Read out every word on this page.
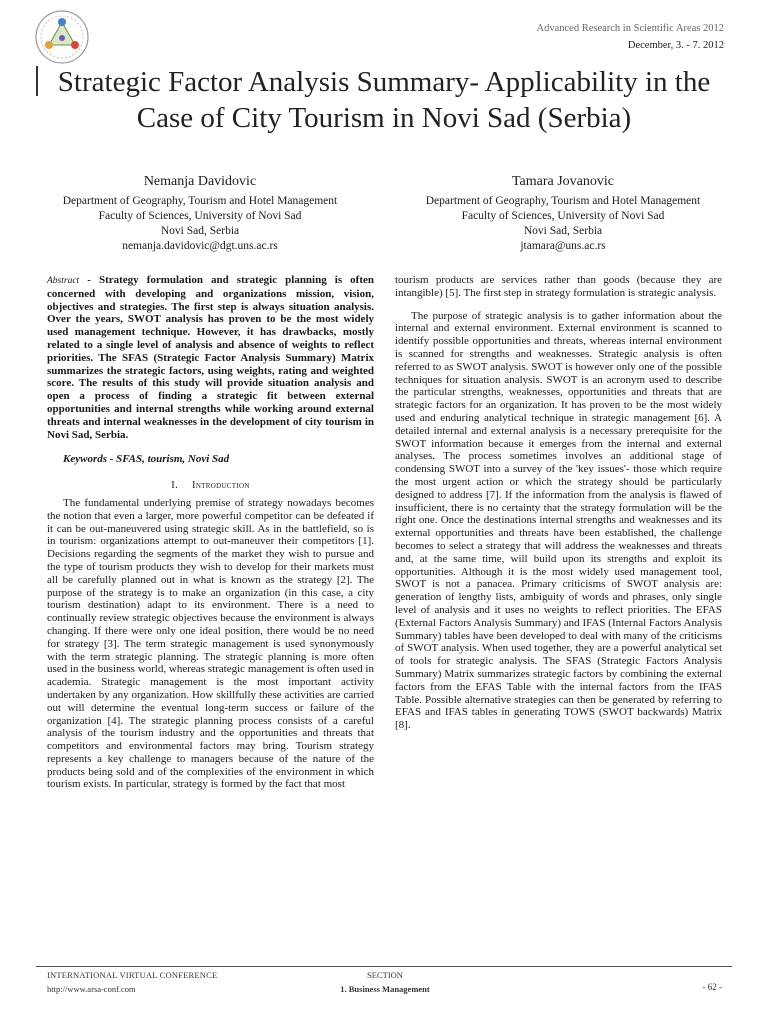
Advanced Research in Scientific Areas 2012
December, 3. - 7. 2012
Strategic Factor Analysis Summary- Applicability in the Case of City Tourism in Novi Sad (Serbia)
Nemanja Davidovic
Department of Geography, Tourism and Hotel Management
Faculty of Sciences, University of Novi Sad
Novi Sad, Serbia
nemanja.davidovic@dgt.uns.ac.rs
Tamara Jovanovic
Department of Geography, Tourism and Hotel Management
Faculty of Sciences, University of Novi Sad
Novi Sad, Serbia
jtamara@uns.ac.rs

Abstract - Strategy formulation and strategic planning is often concerned with developing and organizations mission, vision, objectives and strategies. The first step is always situation analysis. Over the years, SWOT analysis has proven to be the most widely used management technique. However, it has drawbacks, mostly related to a single level of analysis and absence of weights to reflect priorities. The SFAS (Strategic Factor Analysis Summary) Matrix summarizes the strategic factors, using weights, rating and weighted score. The results of this study will provide situation analysis and open a process of finding a strategic fit between external opportunities and internal strengths while working around external threats and internal weaknesses in the development of city tourism in Novi Sad, Serbia.

Keywords - SFAS, tourism, Novi Sad

I. Introduction

The fundamental underlying premise of strategy nowadays becomes the notion that even a larger, more powerful competitor can be defeated if it can be out-maneuvered using strategic skill. As in the battlefield, so is in tourism: organizations attempt to out-maneuver their competitors [1]. Decisions regarding the segments of the market they wish to pursue and the type of tourism products they wish to develop for their markets must all be carefully planned out in what is known as the strategy [2]. The purpose of the strategy is to make an organization (in this case, a city tourism destination) adapt to its environment. There is a need to continually review strategic objectives because the environment is always changing. If there were only one ideal position, there would be no need for strategy [3]. The term strategic management is used synonymously with the term strategic planning. The strategic planning is more often used in the business world, whereas strategic management is often used in academia. Strategic management is the most important activity undertaken by any organization. How skillfully these activities are carried out will determine the eventual long-term success or failure of the organization [4]. The strategic planning process consists of a careful analysis of the tourism industry and the opportunities and threats that competitors and environmental factors may bring. Tourism strategy represents a key challenge to managers because of the nature of the products being sold and of the complexities of the environment in which tourism exists. In particular, strategy is formed by the fact that most

tourism products are services rather than goods (because they are intangible) [5]. The first step in strategy formulation is strategic analysis.

The purpose of strategic analysis is to gather information about the internal and external environment. External environment is scanned to identify possible opportunities and threats, whereas internal environment is scanned for strengths and weaknesses. Strategic analysis is often referred to as SWOT analysis. SWOT is however only one of the possible techniques for situation analysis. SWOT is an acronym used to describe the particular strengths, weaknesses, opportunities and threats that are strategic factors for an organization. It has proven to be the most widely used and enduring analytical technique in strategic management [6]. A detailed internal and external analysis is a necessary prerequisite for the SWOT information because it emerges from the internal and external analyses. The process sometimes involves an additional stage of condensing SWOT into a survey of the 'key issues'- those which require the most urgent action or which the strategy should be particularly designed to address [7]. If the information from the analysis is flawed of insufficient, there is no certainty that the strategy formulation will be the right one. Once the destinations internal strengths and weaknesses and its external opportunities and threats have been established, the challenge becomes to select a strategy that will address the weaknesses and threats and, at the same time, will build upon its strengths and exploit its opportunities. Although it is the most widely used management tool, SWOT is not a panacea. Primary criticisms of SWOT analysis are: generation of lengthy lists, ambiguity of words and phrases, only single level of analysis and it uses no weights to reflect priorities. The EFAS (External Factors Analysis Summary) and IFAS (Internal Factors Analysis Summary) tables have been developed to deal with many of the criticisms of SWOT analysis. When used together, they are a powerful analytical set of tools for strategic analysis. The SFAS (Strategic Factors Analysis Summary) Matrix summarizes strategic factors by combining the external factors from the EFAS Table with the internal factors from the IFAS Table. Possible alternative strategies can then be generated by referring to EFAS and IFAS tables in generating TOWS (SWOT backwards) Matrix [8].

INTERNATIONAL VIRTUAL CONFERENCE
http://www.arsa-conf.com
SECTION
1. Business Management	- 62 -
